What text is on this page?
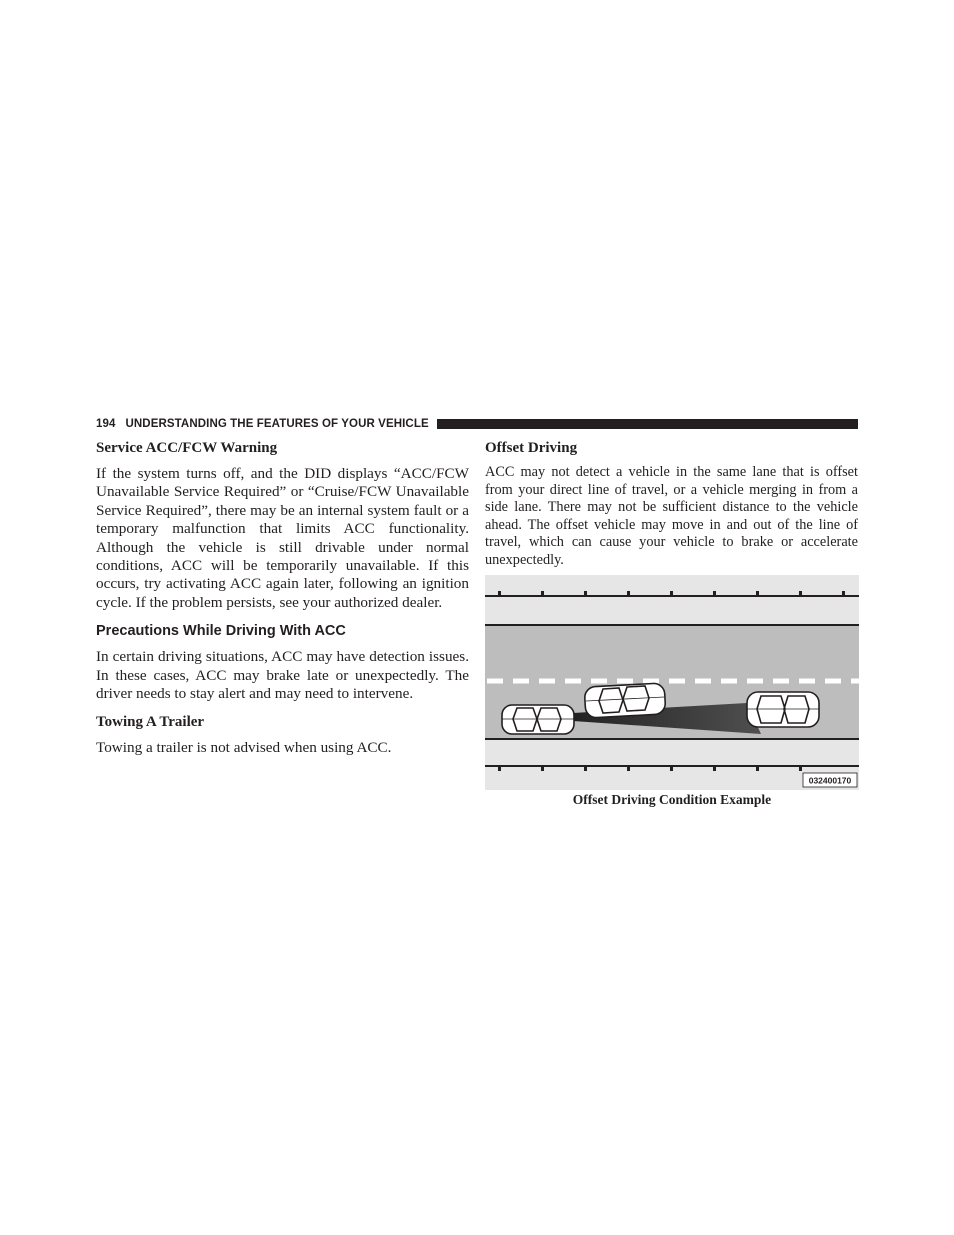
194 UNDERSTANDING THE FEATURES OF YOUR VEHICLE
Service ACC/FCW Warning

If the system turns off, and the DID displays “ACC/FCW Unavailable Service Required” or “Cruise/FCW Unavailable Service Required”, there may be an internal system fault or a temporary malfunction that limits ACC functionality. Although the vehicle is still drivable under normal conditions, ACC will be temporarily unavailable. If this occurs, try activating ACC again later, following an ignition cycle. If the problem persists, see your authorized dealer.

Precautions While Driving With ACC

In certain driving situations, ACC may have detection issues. In these cases, ACC may brake late or unexpectedly. The driver needs to stay alert and may need to intervene.

Towing A Trailer

Towing a trailer is not advised when using ACC.

Offset Driving

ACC may not detect a vehicle in the same lane that is offset from your direct line of travel, or a vehicle merging in from a side lane. There may not be sufficient distance to the vehicle ahead. The offset vehicle may move in and out of the line of travel, which can cause your vehicle to brake or accelerate unexpectedly.

032400170
Offset Driving Condition Example
